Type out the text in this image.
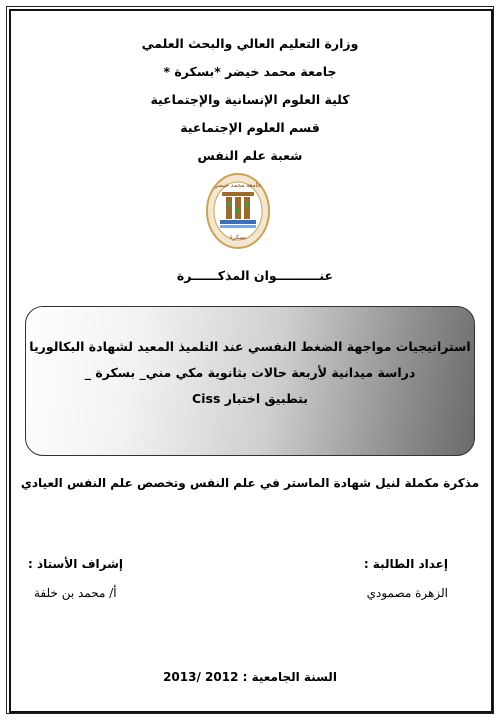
وزارة التعليم العالي والبحث العلمي
جامعة محمد خيضر *بسكرة *
كلية العلوم الإنسانية والإجتماعية
قسم العلوم الإجتماعية
شعبة علم النفس
جامعة محمد خيضر
بسكرة
عنــــــــــوان المذكــــــرة
استراتيجيات مواجهة الضغط النفسي عند التلميذ المعيد لشهادة البكالوريا
دراسة ميدانية لأربعة حالات بثانوية مكي مني_ بسكرة _
بتطبيق اختبار Ciss
مذكرة مكملة لنيل شهادة الماستر في علم النفس وتخصص علم النفس العيادي
إعداد الطالبة :
إشراف الأستاذ :
الزهرة مصمودي
أ/ محمد بن خلفة
السنة الجامعية : 2012 /2013
